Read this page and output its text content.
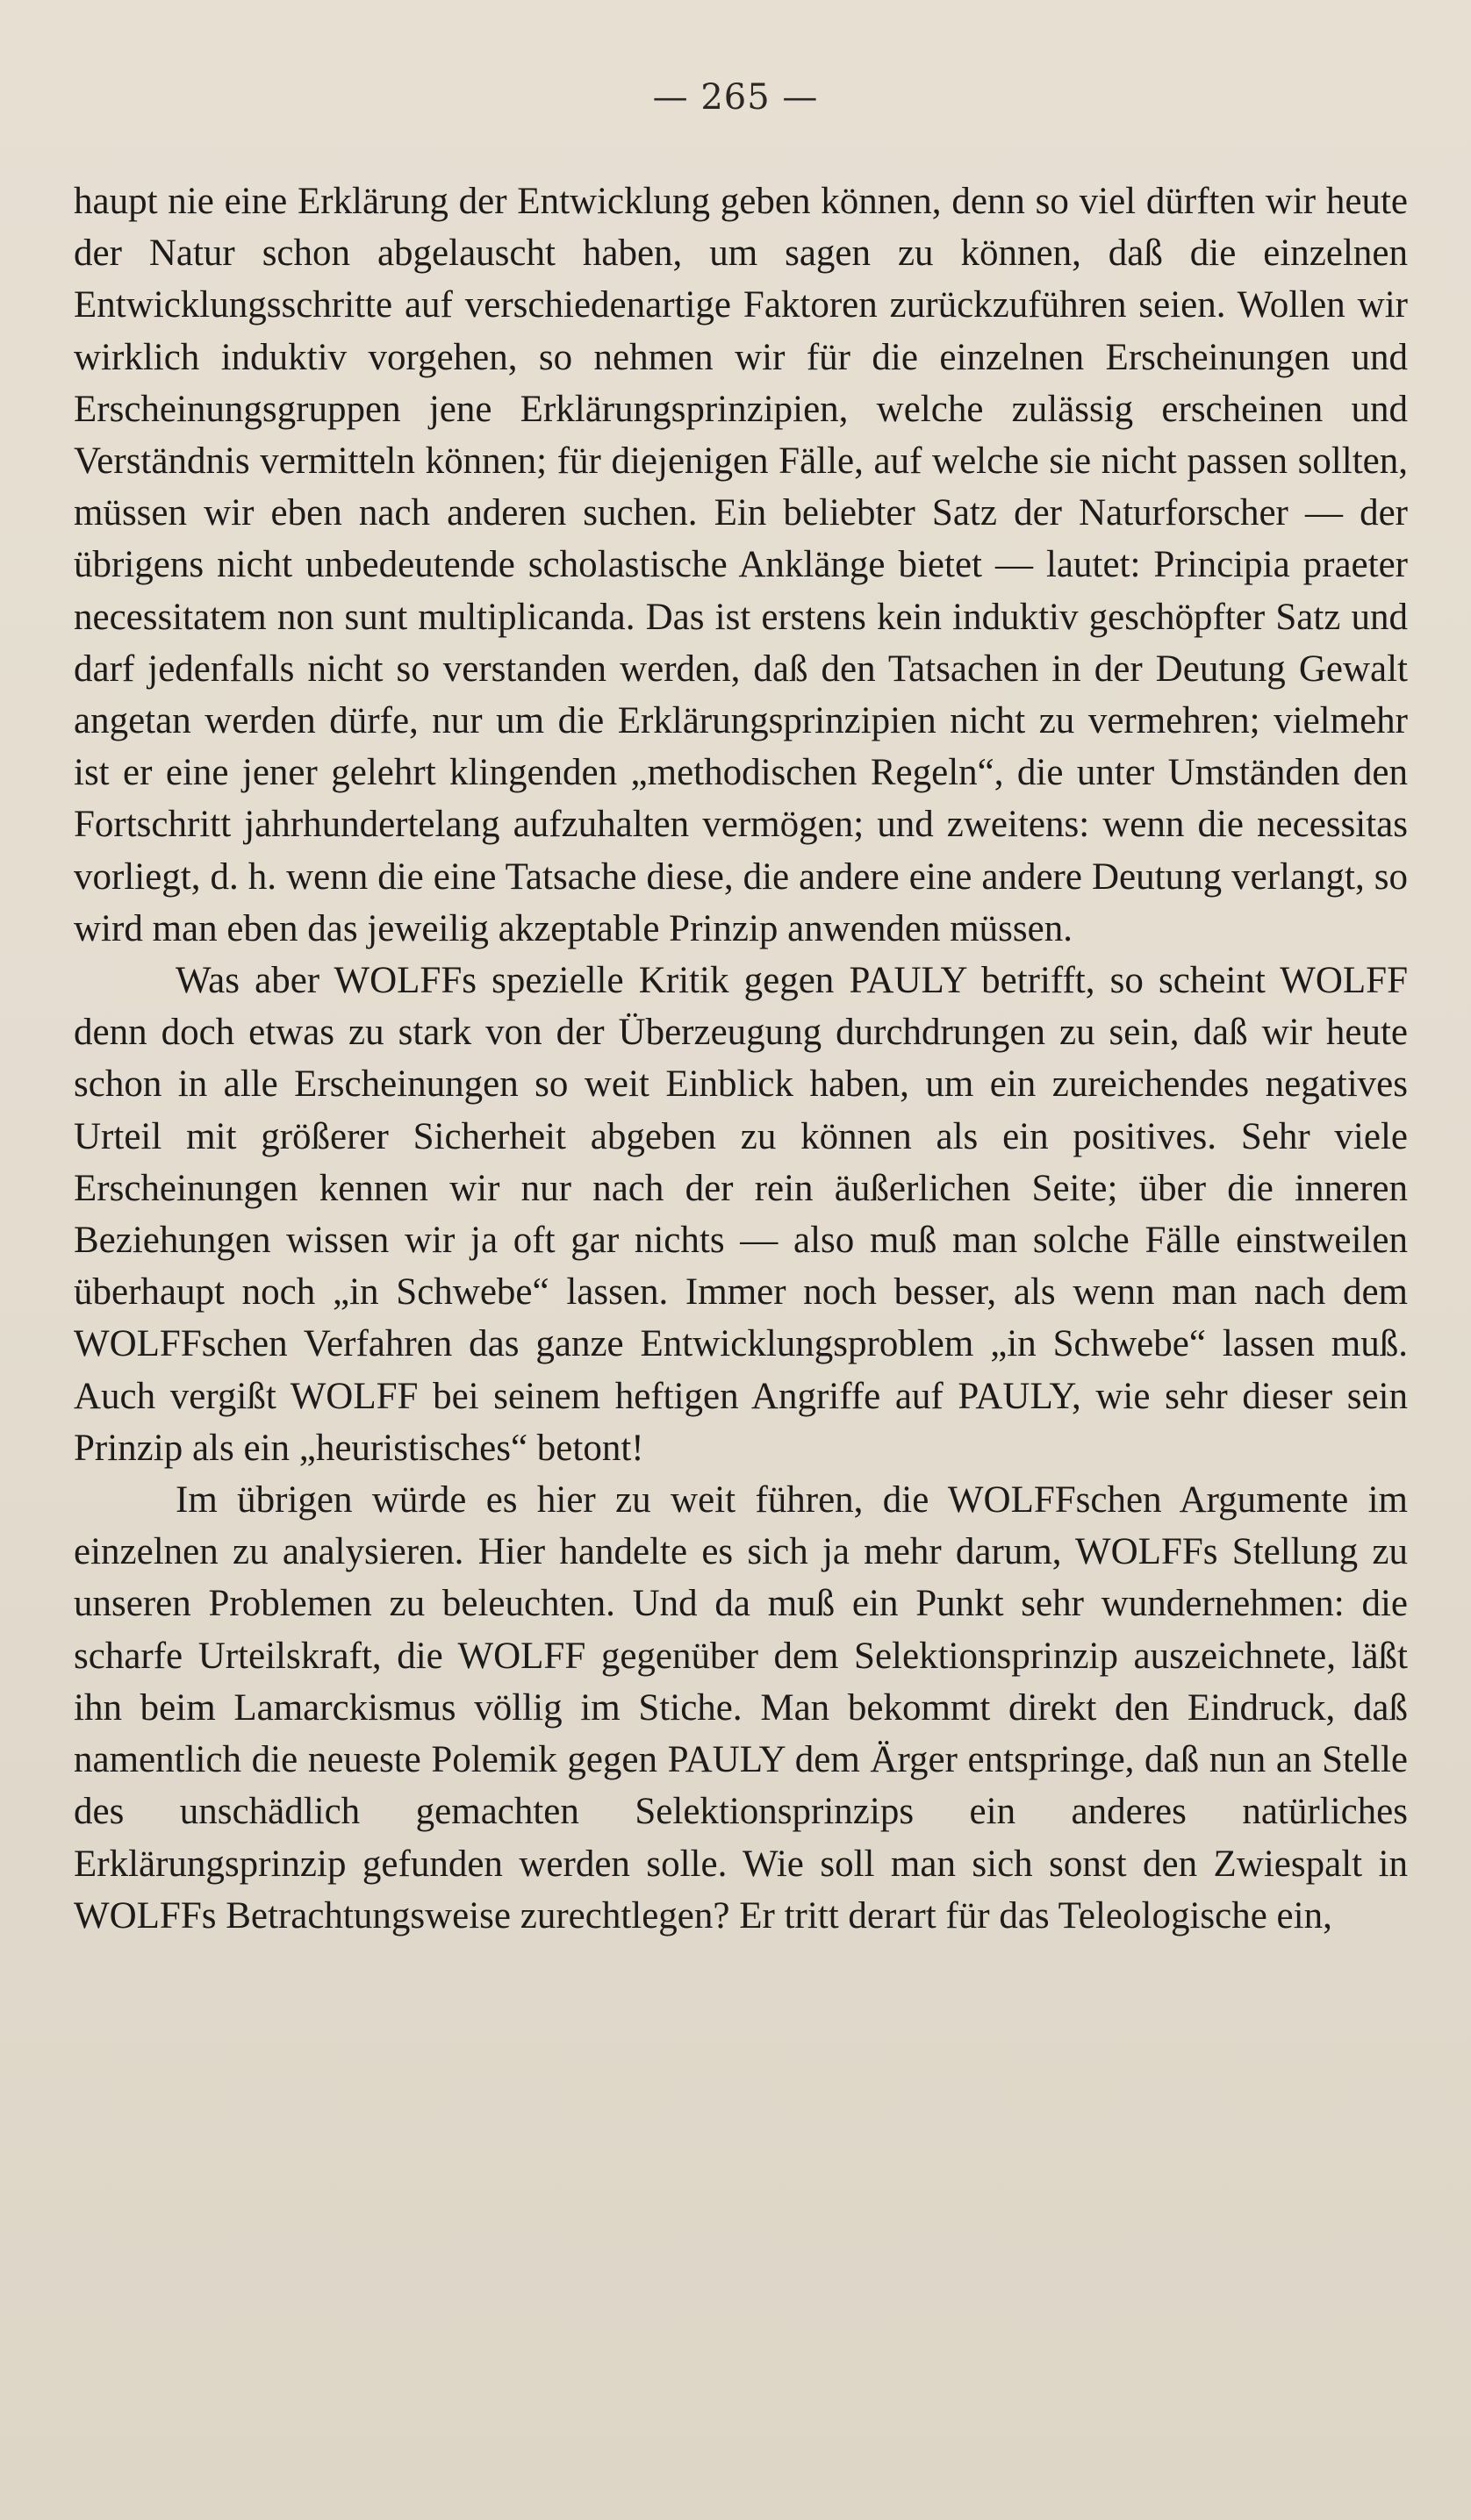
— 265 —

haupt nie eine Erklärung der Entwicklung geben können, denn so viel dürften wir heute der Natur schon abgelauscht haben, um sagen zu können, daß die einzelnen Entwicklungsschritte auf verschiedenartige Faktoren zurückzuführen seien. Wollen wir wirklich induktiv vorgehen, so nehmen wir für die einzelnen Erscheinungen und Erscheinungsgruppen jene Erklärungsprinzipien, welche zulässig erscheinen und Verständnis vermitteln können; für diejenigen Fälle, auf welche sie nicht passen sollten, müssen wir eben nach anderen suchen. Ein beliebter Satz der Naturforscher — der übrigens nicht unbedeutende scholastische Anklänge bietet — lautet: Principia praeter necessitatem non sunt multiplicanda. Das ist erstens kein induktiv geschöpfter Satz und darf jedenfalls nicht so verstanden werden, daß den Tatsachen in der Deutung Gewalt angetan werden dürfe, nur um die Erklärungsprinzipien nicht zu vermehren; vielmehr ist er eine jener gelehrt klingenden „methodischen Regeln“, die unter Umständen den Fortschritt jahrhundertelang aufzuhalten vermögen; und zweitens: wenn die necessitas vorliegt, d. h. wenn die eine Tatsache diese, die andere eine andere Deutung verlangt, so wird man eben das jeweilig akzeptable Prinzip anwenden müssen.

Was aber WOLFFs spezielle Kritik gegen PAULY betrifft, so scheint WOLFF denn doch etwas zu stark von der Überzeugung durchdrungen zu sein, daß wir heute schon in alle Erscheinungen so weit Einblick haben, um ein zureichendes negatives Urteil mit größerer Sicherheit abgeben zu können als ein positives. Sehr viele Erscheinungen kennen wir nur nach der rein äußerlichen Seite; über die inneren Beziehungen wissen wir ja oft gar nichts — also muß man solche Fälle einstweilen überhaupt noch „in Schwebe“ lassen. Immer noch besser, als wenn man nach dem WOLFFschen Verfahren das ganze Entwicklungsproblem „in Schwebe“ lassen muß. Auch vergißt WOLFF bei seinem heftigen Angriffe auf PAULY, wie sehr dieser sein Prinzip als ein „heuristisches“ betont!

Im übrigen würde es hier zu weit führen, die WOLFFschen Argumente im einzelnen zu analysieren. Hier handelte es sich ja mehr darum, WOLFFs Stellung zu unseren Problemen zu beleuchten. Und da muß ein Punkt sehr wundernehmen: die scharfe Urteilskraft, die WOLFF gegenüber dem Selektionsprinzip auszeichnete, läßt ihn beim Lamarckismus völlig im Stiche. Man bekommt direkt den Eindruck, daß namentlich die neueste Polemik gegen PAULY dem Ärger entspringe, daß nun an Stelle des unschädlich gemachten Selektionsprinzips ein anderes natürliches Erklärungsprinzip gefunden werden solle. Wie soll man sich sonst den Zwiespalt in WOLFFs Betrachtungsweise zurechtlegen? Er tritt derart für das Teleologische ein,
